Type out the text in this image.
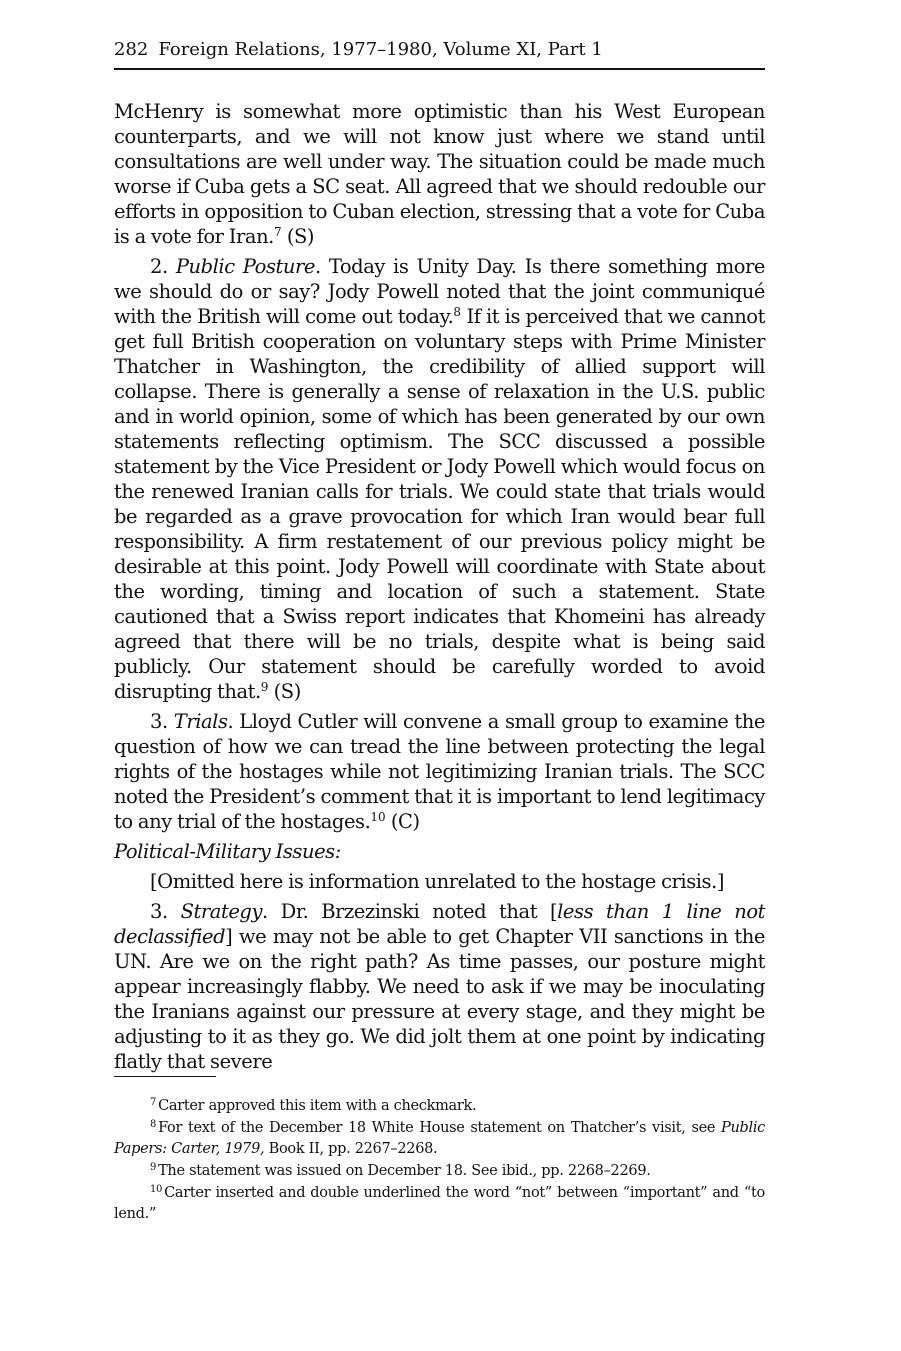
282 Foreign Relations, 1977–1980, Volume XI, Part 1

McHenry is somewhat more optimistic than his West European counterparts, and we will not know just where we stand until consultations are well under way. The situation could be made much worse if Cuba gets a SC seat. All agreed that we should redouble our efforts in opposition to Cuban election, stressing that a vote for Cuba is a vote for Iran.$^7$ (S)

2. Public Posture. Today is Unity Day. Is there something more we should do or say? Jody Powell noted that the joint communiqué with the British will come out today.$^8$ If it is perceived that we cannot get full British cooperation on voluntary steps with Prime Minister Thatcher in Washington, the credibility of allied support will collapse. There is generally a sense of relaxation in the U.S. public and in world opinion, some of which has been generated by our own statements reflecting optimism. The SCC discussed a possible statement by the Vice President or Jody Powell which would focus on the renewed Iranian calls for trials. We could state that trials would be regarded as a grave provocation for which Iran would bear full responsibility. A firm restatement of our previous policy might be desirable at this point. Jody Powell will coordinate with State about the wording, timing and location of such a statement. State cautioned that a Swiss report indicates that Khomeini has already agreed that there will be no trials, despite what is being said publicly. Our statement should be carefully worded to avoid disrupting that.$^9$ (S)

3. Trials. Lloyd Cutler will convene a small group to examine the question of how we can tread the line between protecting the legal rights of the hostages while not legitimizing Iranian trials. The SCC noted the President’s comment that it is important to lend legitimacy to any trial of the hostages.$^{10}$ (C)

Political-Military Issues:

[Omitted here is information unrelated to the hostage crisis.]

3. Strategy. Dr. Brzezinski noted that [less than 1 line not declassified] we may not be able to get Chapter VII sanctions in the UN. Are we on the right path? As time passes, our posture might appear increasingly flabby. We need to ask if we may be inoculating the Iranians against our pressure at every stage, and they might be adjusting to it as they go. We did jolt them at one point by indicating flatly that severe

$^7$ Carter approved this item with a checkmark.

$^8$ For text of the December 18 White House statement on Thatcher’s visit, see Public Papers: Carter, 1979, Book II, pp. 2267–2268.

$^9$ The statement was issued on December 18. See ibid., pp. 2268–2269.

$^{10}$ Carter inserted and double underlined the word “not” between “important” and “to lend.”
